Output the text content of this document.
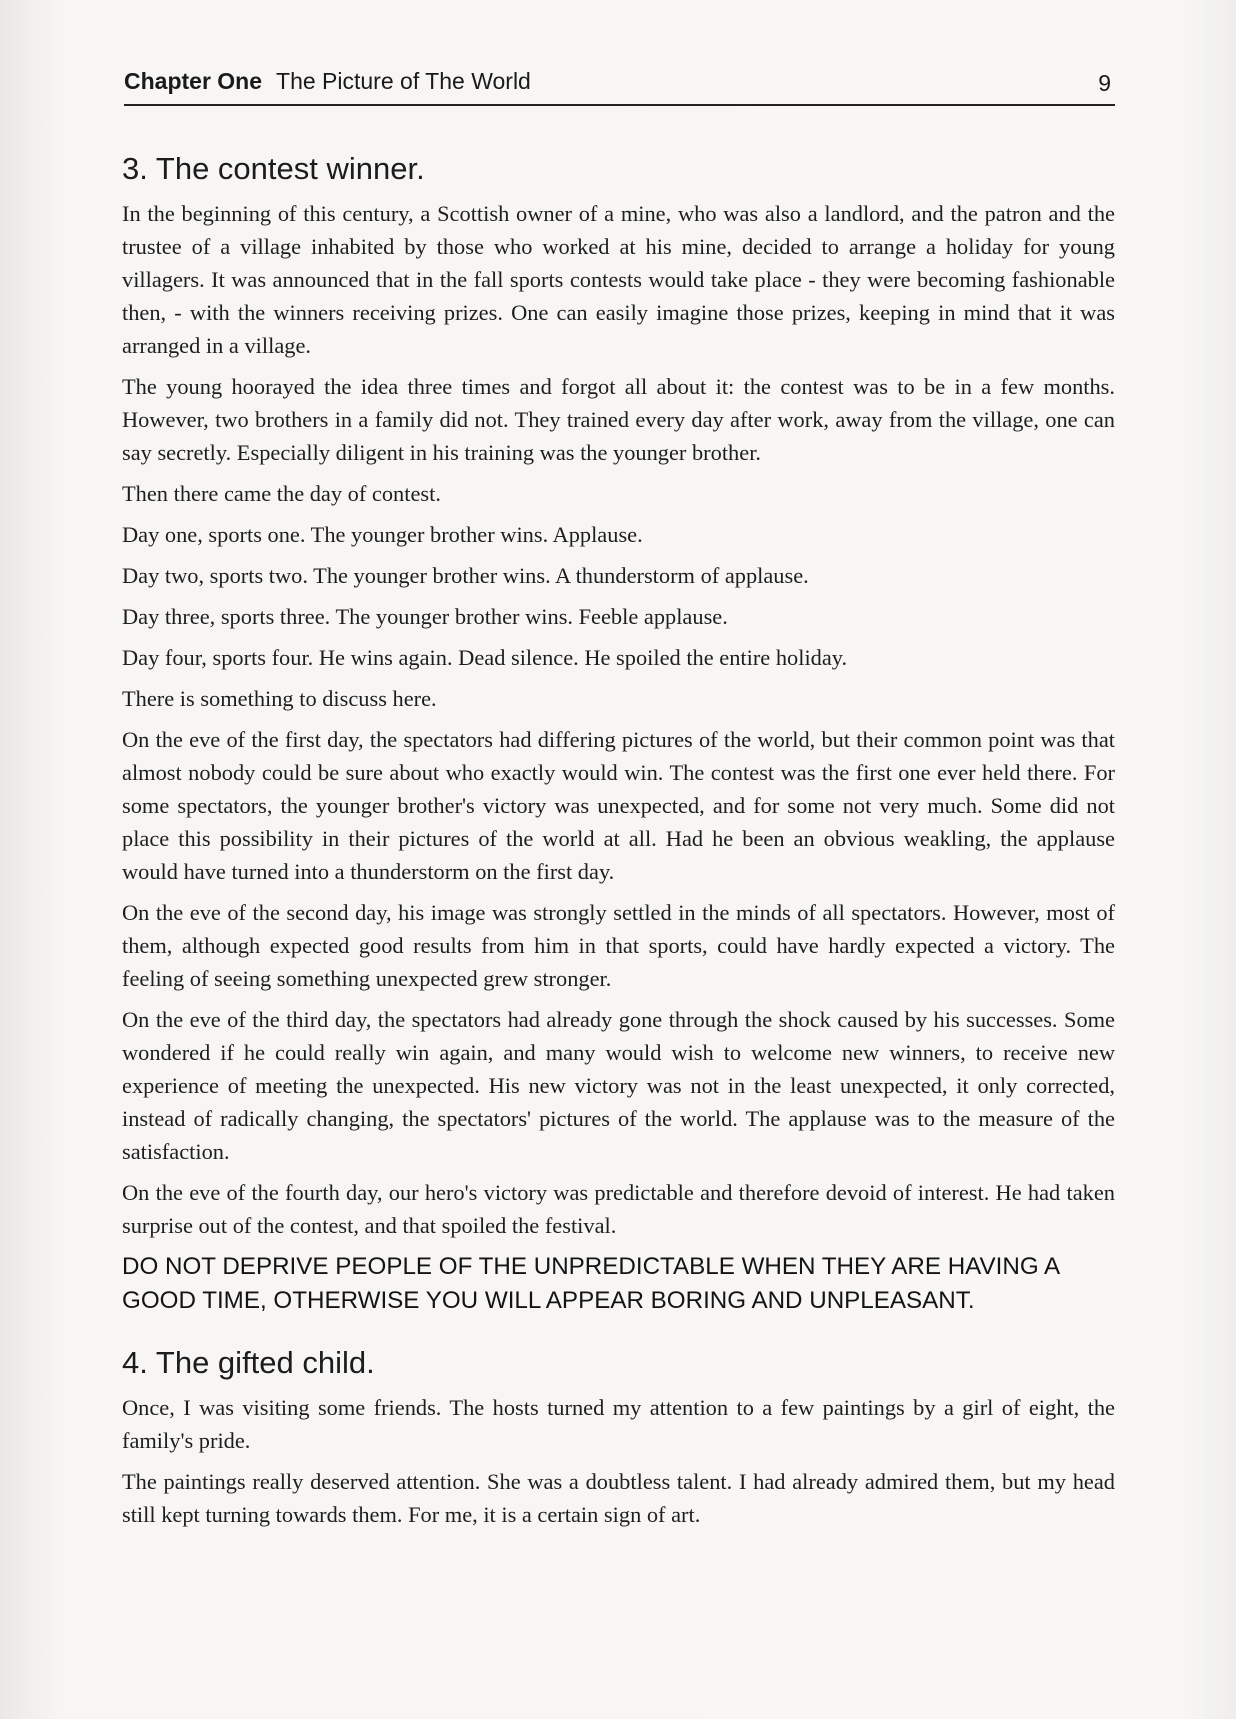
Chapter One The Picture of The World	9
3. The contest winner.

In the beginning of this century, a Scottish owner of a mine, who was also a landlord, and the patron and the trustee of a village inhabited by those who worked at his mine, decided to arrange a holiday for young villagers. It was announced that in the fall sports contests would take place - they were becoming fashionable then, - with the winners receiving prizes. One can easily imagine those prizes, keeping in mind that it was arranged in a village.

The young hoorayed the idea three times and forgot all about it: the contest was to be in a few months. However, two brothers in a family did not. They trained every day after work, away from the village, one can say secretly. Especially diligent in his training was the younger brother.

Then there came the day of contest.

Day one, sports one. The younger brother wins. Applause.

Day two, sports two. The younger brother wins. A thunderstorm of applause.

Day three, sports three. The younger brother wins. Feeble applause.

Day four, sports four. He wins again. Dead silence. He spoiled the entire holiday.

There is something to discuss here.

On the eve of the first day, the spectators had differing pictures of the world, but their common point was that almost nobody could be sure about who exactly would win. The contest was the first one ever held there. For some spectators, the younger brother's victory was unexpected, and for some not very much. Some did not place this possibility in their pictures of the world at all. Had he been an obvious weakling, the applause would have turned into a thunderstorm on the first day.

On the eve of the second day, his image was strongly settled in the minds of all spectators. However, most of them, although expected good results from him in that sports, could have hardly expected a victory. The feeling of seeing something unexpected grew stronger.

On the eve of the third day, the spectators had already gone through the shock caused by his successes. Some wondered if he could really win again, and many would wish to welcome new winners, to receive new experience of meeting the unexpected. His new victory was not in the least unexpected, it only corrected, instead of radically changing, the spectators' pictures of the world. The applause was to the measure of the satisfaction.

On the eve of the fourth day, our hero's victory was predictable and therefore devoid of interest. He had taken surprise out of the contest, and that spoiled the festival.

DO NOT DEPRIVE PEOPLE OF THE UNPREDICTABLE WHEN THEY ARE HAVING A GOOD TIME, OTHERWISE YOU WILL APPEAR BORING AND UNPLEASANT.
4. The gifted child.

Once, I was visiting some friends. The hosts turned my attention to a few paintings by a girl of eight, the family's pride.

The paintings really deserved attention. She was a doubtless talent. I had already admired them, but my head still kept turning towards them. For me, it is a certain sign of art.
